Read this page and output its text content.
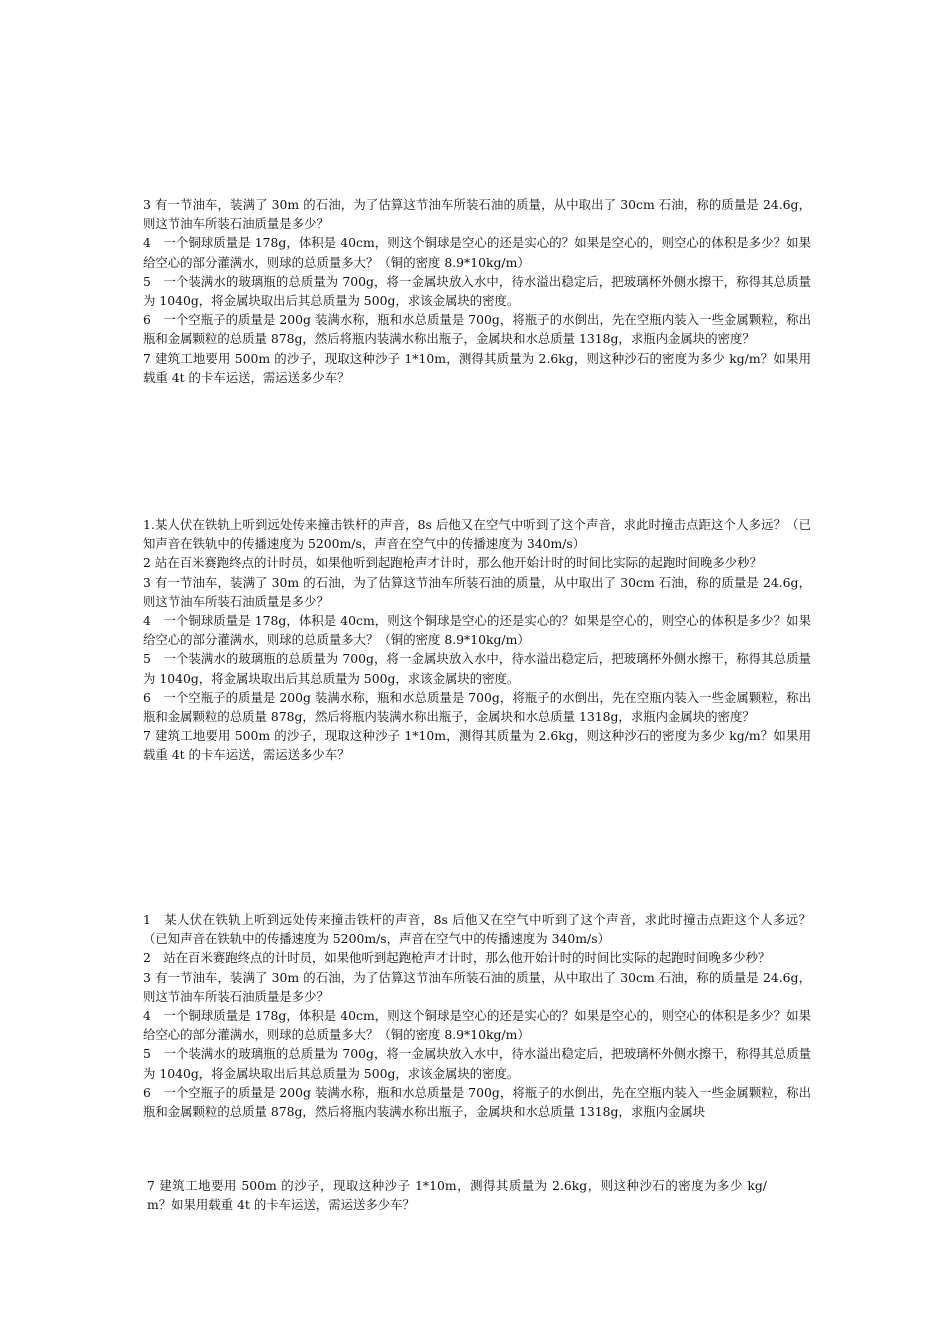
3 有一节油车，装满了 30m 的石油，为了估算这节油车所装石油的质量，从中取出了 30cm 石油，称的质量是 24.6g，则这节油车所装石油质量是多少？

4　一个铜球质量是 178g，体积是 40cm，则这个铜球是空心的还是实心的？如果是空心的，则空心的体积是多少？如果给空心的部分灌满水，则球的总质量多大？（铜的密度 8.9*10kg/m）

5　一个装满水的玻璃瓶的总质量为 700g，将一金属块放入水中，待水溢出稳定后，把玻璃杯外侧水擦干，称得其总质量为 1040g，将金属块取出后其总质量为 500g，求该金属块的密度。

6　一个空瓶子的质量是 200g 装满水称，瓶和水总质量是 700g，将瓶子的水倒出，先在空瓶内装入一些金属颗粒，称出瓶和金属颗粒的总质量 878g，然后将瓶内装满水称出瓶子，金属块和水总质量 1318g，求瓶内金属块的密度？

7 建筑工地要用 500m 的沙子，现取这种沙子 1*10m，测得其质量为 2.6kg，则这种沙石的密度为多少 kg/m？如果用载重 4t 的卡车运送，需运送多少车？

1.某人伏在铁轨上听到远处传来撞击铁杆的声音，8s 后他又在空气中听到了这个声音，求此时撞击点距这个人多远？（已知声音在铁轨中的传播速度为 5200m/s，声音在空气中的传播速度为 340m/s）

2 站在百米赛跑终点的计时员，如果他听到起跑枪声才计时，那么他开始计时的时间比实际的起跑时间晚多少秒？

3 有一节油车，装满了 30m 的石油，为了估算这节油车所装石油的质量，从中取出了 30cm 石油，称的质量是 24.6g，则这节油车所装石油质量是多少？

4　一个铜球质量是 178g，体积是 40cm，则这个铜球是空心的还是实心的？如果是空心的，则空心的体积是多少？如果给空心的部分灌满水，则球的总质量多大？（铜的密度 8.9*10kg/m）

5　一个装满水的玻璃瓶的总质量为 700g，将一金属块放入水中，待水溢出稳定后，把玻璃杯外侧水擦干，称得其总质量为 1040g，将金属块取出后其总质量为 500g，求该金属块的密度。

6　一个空瓶子的质量是 200g 装满水称，瓶和水总质量是 700g，将瓶子的水倒出，先在空瓶内装入一些金属颗粒，称出瓶和金属颗粒的总质量 878g，然后将瓶内装满水称出瓶子，金属块和水总质量 1318g，求瓶内金属块的密度？

7 建筑工地要用 500m 的沙子，现取这种沙子 1*10m，测得其质量为 2.6kg，则这种沙石的密度为多少 kg/m？如果用载重 4t 的卡车运送，需运送多少车？

1　某人伏在铁轨上听到远处传来撞击铁杆的声音，8s 后他又在空气中听到了这个声音，求此时撞击点距这个人多远？（已知声音在铁轨中的传播速度为 5200m/s，声音在空气中的传播速度为 340m/s）

2　站在百米赛跑终点的计时员，如果他听到起跑枪声才计时，那么他开始计时的时间比实际的起跑时间晚多少秒？

3 有一节油车，装满了 30m 的石油，为了估算这节油车所装石油的质量，从中取出了 30cm 石油，称的质量是 24.6g，则这节油车所装石油质量是多少？

4　一个铜球质量是 178g，体积是 40cm，则这个铜球是空心的还是实心的？如果是空心的，则空心的体积是多少？如果给空心的部分灌满水，则球的总质量多大？（铜的密度 8.9*10kg/m）

5　一个装满水的玻璃瓶的总质量为 700g，将一金属块放入水中，待水溢出稳定后，把玻璃杯外侧水擦干，称得其总质量为 1040g，将金属块取出后其总质量为 500g，求该金属块的密度。

6　一个空瓶子的质量是 200g 装满水称，瓶和水总质量是 700g，将瓶子的水倒出，先在空瓶内装入一些金属颗粒，称出瓶和金属颗粒的总质量 878g，然后将瓶内装满水称出瓶子，金属块和水总质量 1318g，求瓶内金属块

7 建筑工地要用 500m 的沙子，现取这种沙子 1*10m，测得其质量为 2.6kg，则这种沙石的密度为多少 kg/m？如果用载重 4t 的卡车运送，需运送多少车？
